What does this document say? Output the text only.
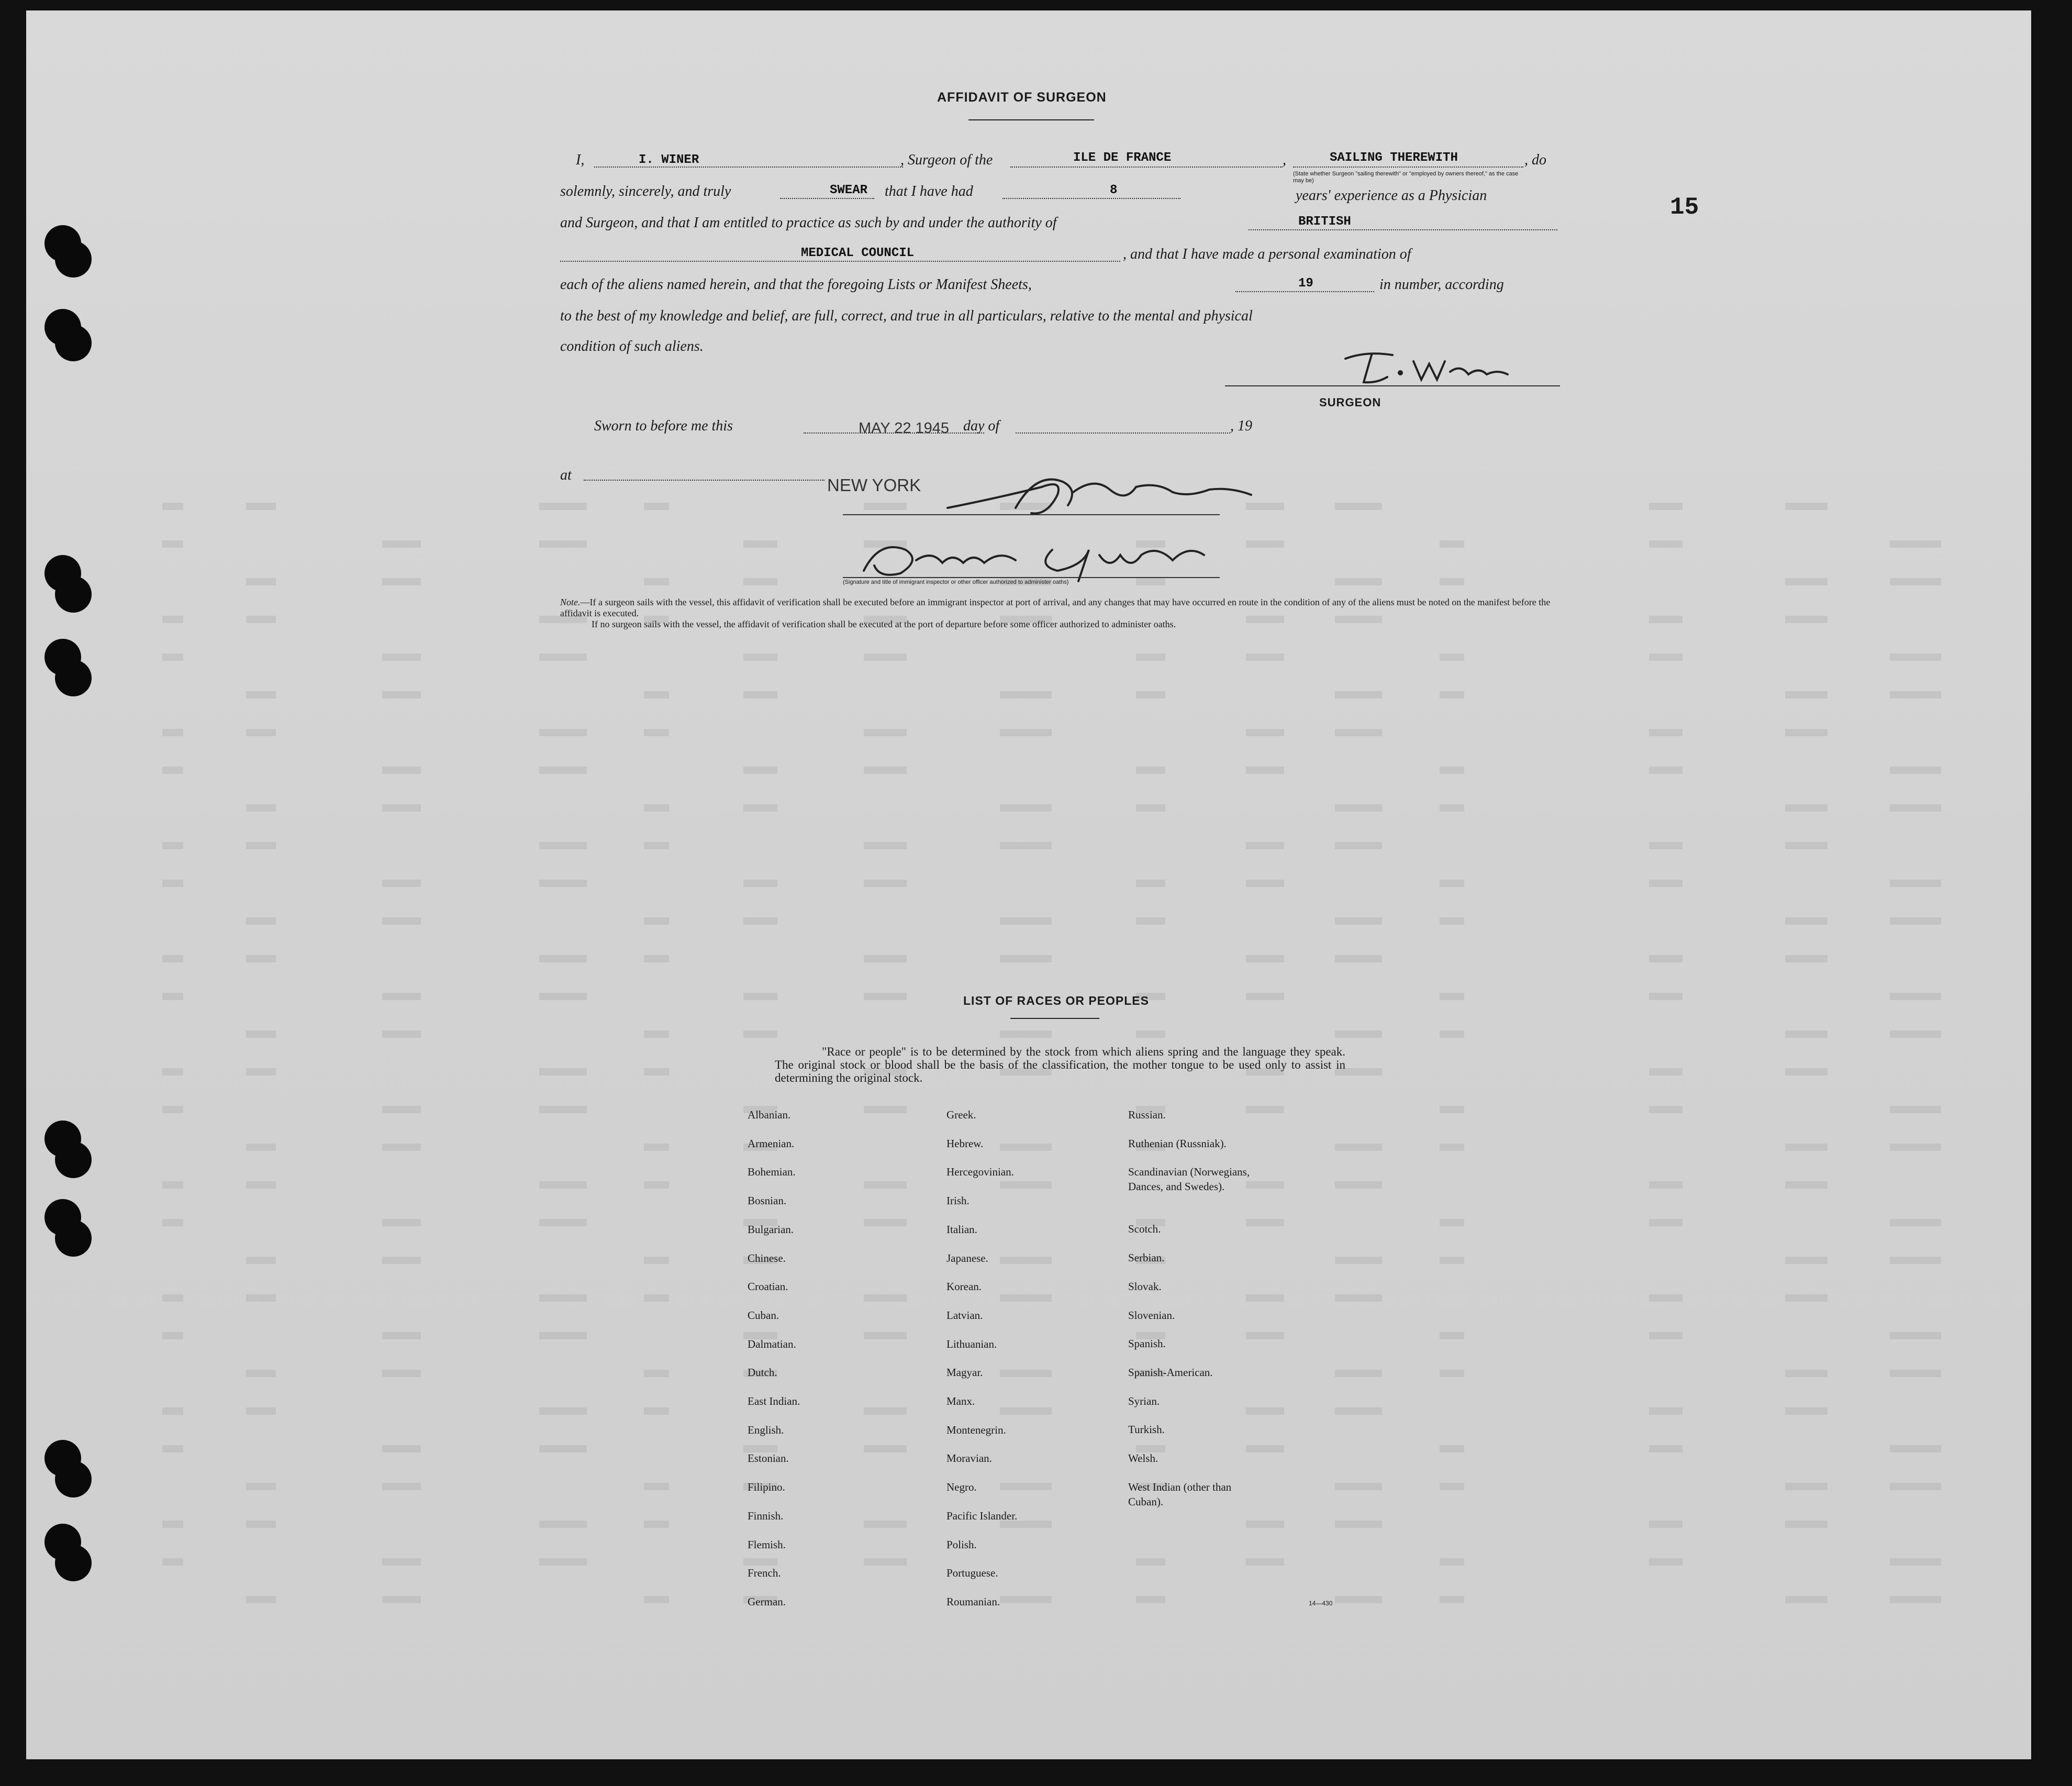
15
AFFIDAVIT OF SURGEON
I,	I. WINER	, Surgeon of the	ILE DE FRANCE	,	SAILING THEREWITH	, do
(State whether Surgeon "sailing therewith" or "employed by owners thereof," as the case may be)
solemnly, sincerely, and truly	SWEAR that I have had	8	years' experience as a Physician
and Surgeon, and that I am entitled to practice as such by and under the authority of	BRITISH
MEDICAL COUNCIL	, and that I have made a personal examination of
each of the aliens named herein, and that the foregoing Lists or Manifest Sheets,	19	in number, according
to the best of my knowledge and belief, are full, correct, and true in all particulars, relative to the mental and physical
condition of such aliens.
SURGEON
Sworn to before me this	MAY 22 1945 day of	, 19
at
NEW YORK
(Signature and title of immigrant inspector or other officer authorized to administer oaths)
Note.—If a surgeon sails with the vessel, this affidavit of verification shall be executed before an immigrant inspector at port of arrival, and any changes that may have occurred en route in the condition of any of the aliens must be noted on the manifest before the affidavit is executed.
If no surgeon sails with the vessel, the affidavit of verification shall be executed at the port of departure before some officer authorized to administer oaths.
LIST OF RACES OR PEOPLES
"Race or people" is to be determined by the stock from which aliens spring and the language they speak. The original stock or blood shall be the basis of the classification, the mother tongue to be used only to assist in determining the original stock.
Albanian.
Armenian.
Bohemian.
Bosnian.
Bulgarian.
Chinese.
Croatian.
Cuban.
Dalmatian.
Dutch.
East Indian.
English.
Estonian.
Filipino.
Finnish.
Flemish.
French.
German.
Greek.
Hebrew.
Hercegovinian.
Irish.
Italian.
Japanese.
Korean.
Latvian.
Lithuanian.
Magyar.
Manx.
Montenegrin.
Moravian.
Negro.
Pacific Islander.
Polish.
Portuguese.
Roumanian.
Russian.
Ruthenian (Russniak).
Scandinavian (Norwegians,
Dances, and Swedes).
Scotch.
Serbian.
Slovak.
Slovenian.
Spanish.
Spanish-American.
Syrian.
Turkish.
Welsh.
West Indian (other than
Cuban).
14—430
